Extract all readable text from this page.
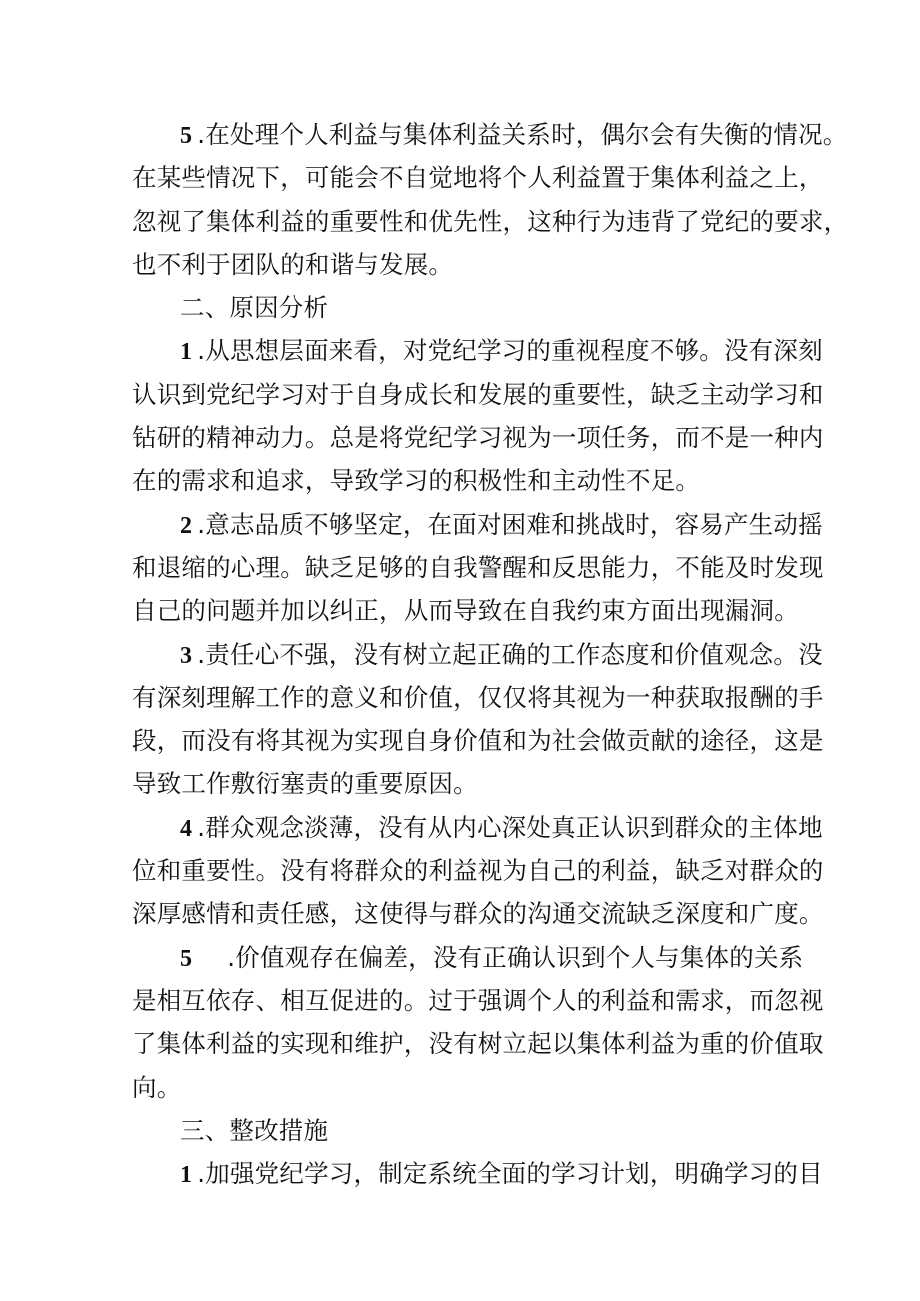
5  .在处理个人利益与集体利益关系时，偶尔会有失衡的情况。
在某些情况下，可能会不自觉地将个人利益置于集体利益之上，
忽视了集体利益的重要性和优先性，这种行为违背了党纪的要求，
也不利于团队的和谐与发展。
二、原因分析
1  .从思想层面来看，对党纪学习的重视程度不够。没有深刻
认识到党纪学习对于自身成长和发展的重要性，缺乏主动学习和
钻研的精神动力。总是将党纪学习视为一项任务，而不是一种内
在的需求和追求，导致学习的积极性和主动性不足。
2  .意志品质不够坚定，在面对困难和挑战时，容易产生动摇
和退缩的心理。缺乏足够的自我警醒和反思能力，不能及时发现
自己的问题并加以纠正，从而导致在自我约束方面出现漏洞。
3  .责任心不强，没有树立起正确的工作态度和价值观念。没
有深刻理解工作的意义和价值，仅仅将其视为一种获取报酬的手
段，而没有将其视为实现自身价值和为社会做贡献的途径，这是
导致工作敷衍塞责的重要原因。
4  .群众观念淡薄，没有从内心深处真正认识到群众的主体地
位和重要性。没有将群众的利益视为自己的利益，缺乏对群众的
深厚感情和责任感，这使得与群众的沟通交流缺乏深度和广度。
5  .价值观存在偏差，没有正确认识到个人与集体的关系
是相互依存、相互促进的。过于强调个人的利益和需求，而忽视
了集体利益的实现和维护，没有树立起以集体利益为重的价值取
向。
三、整改措施
1  .加强党纪学习，制定系统全面的学习计划，明确学习的目
